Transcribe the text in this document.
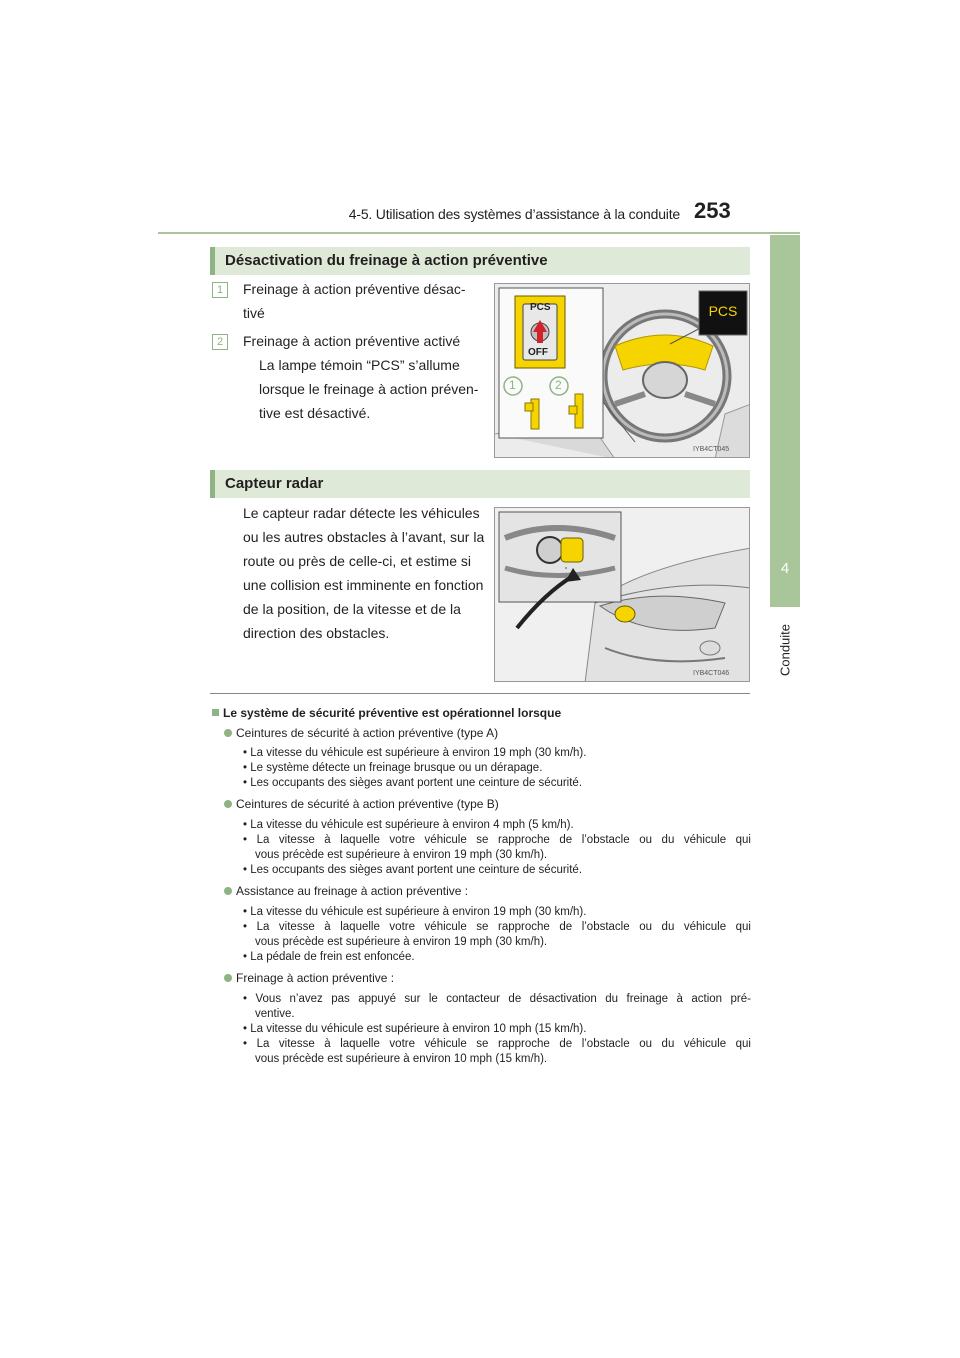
4-5. Utilisation des systèmes d’assistance à la conduite 253
4
Conduite
Désactivation du freinage à action préventive
1	Freinage à action préventive désac-
tivé
2	Freinage à action préventive activé
La lampe témoin “PCS” s’allume
lorsque le freinage à action préven-
tive est désactivé.
PCS
OFF
PCS
1	2
IYB4CT045
Capteur radar
Le capteur radar détecte les véhicules
ou les autres obstacles à l’avant, sur la
route ou près de celle-ci, et estime si
une collision est imminente en fonction
de la position, de la vitesse et de la
direction des obstacles.
IYB4CT046
Le système de sécurité préventive est opérationnel lorsque
Ceintures de sécurité à action préventive (type A)
• La vitesse du véhicule est supérieure à environ 19 mph (30 km/h).
• Le système détecte un freinage brusque ou un dérapage.
• Les occupants des sièges avant portent une ceinture de sécurité.
Ceintures de sécurité à action préventive (type B)
• La vitesse du véhicule est supérieure à environ 4 mph (5 km/h).
• La vitesse à laquelle votre véhicule se rapproche de l’obstacle ou du véhicule qui
vous précède est supérieure à environ 19 mph (30 km/h).
• Les occupants des sièges avant portent une ceinture de sécurité.
Assistance au freinage à action préventive :
• La vitesse du véhicule est supérieure à environ 19 mph (30 km/h).
• La vitesse à laquelle votre véhicule se rapproche de l’obstacle ou du véhicule qui
vous précède est supérieure à environ 19 mph (30 km/h).
• La pédale de frein est enfoncée.
Freinage à action préventive :
• Vous n’avez pas appuyé sur le contacteur de désactivation du freinage à action pré-
ventive.
• La vitesse du véhicule est supérieure à environ 10 mph (15 km/h).
• La vitesse à laquelle votre véhicule se rapproche de l’obstacle ou du véhicule qui
vous précède est supérieure à environ 10 mph (15 km/h).
